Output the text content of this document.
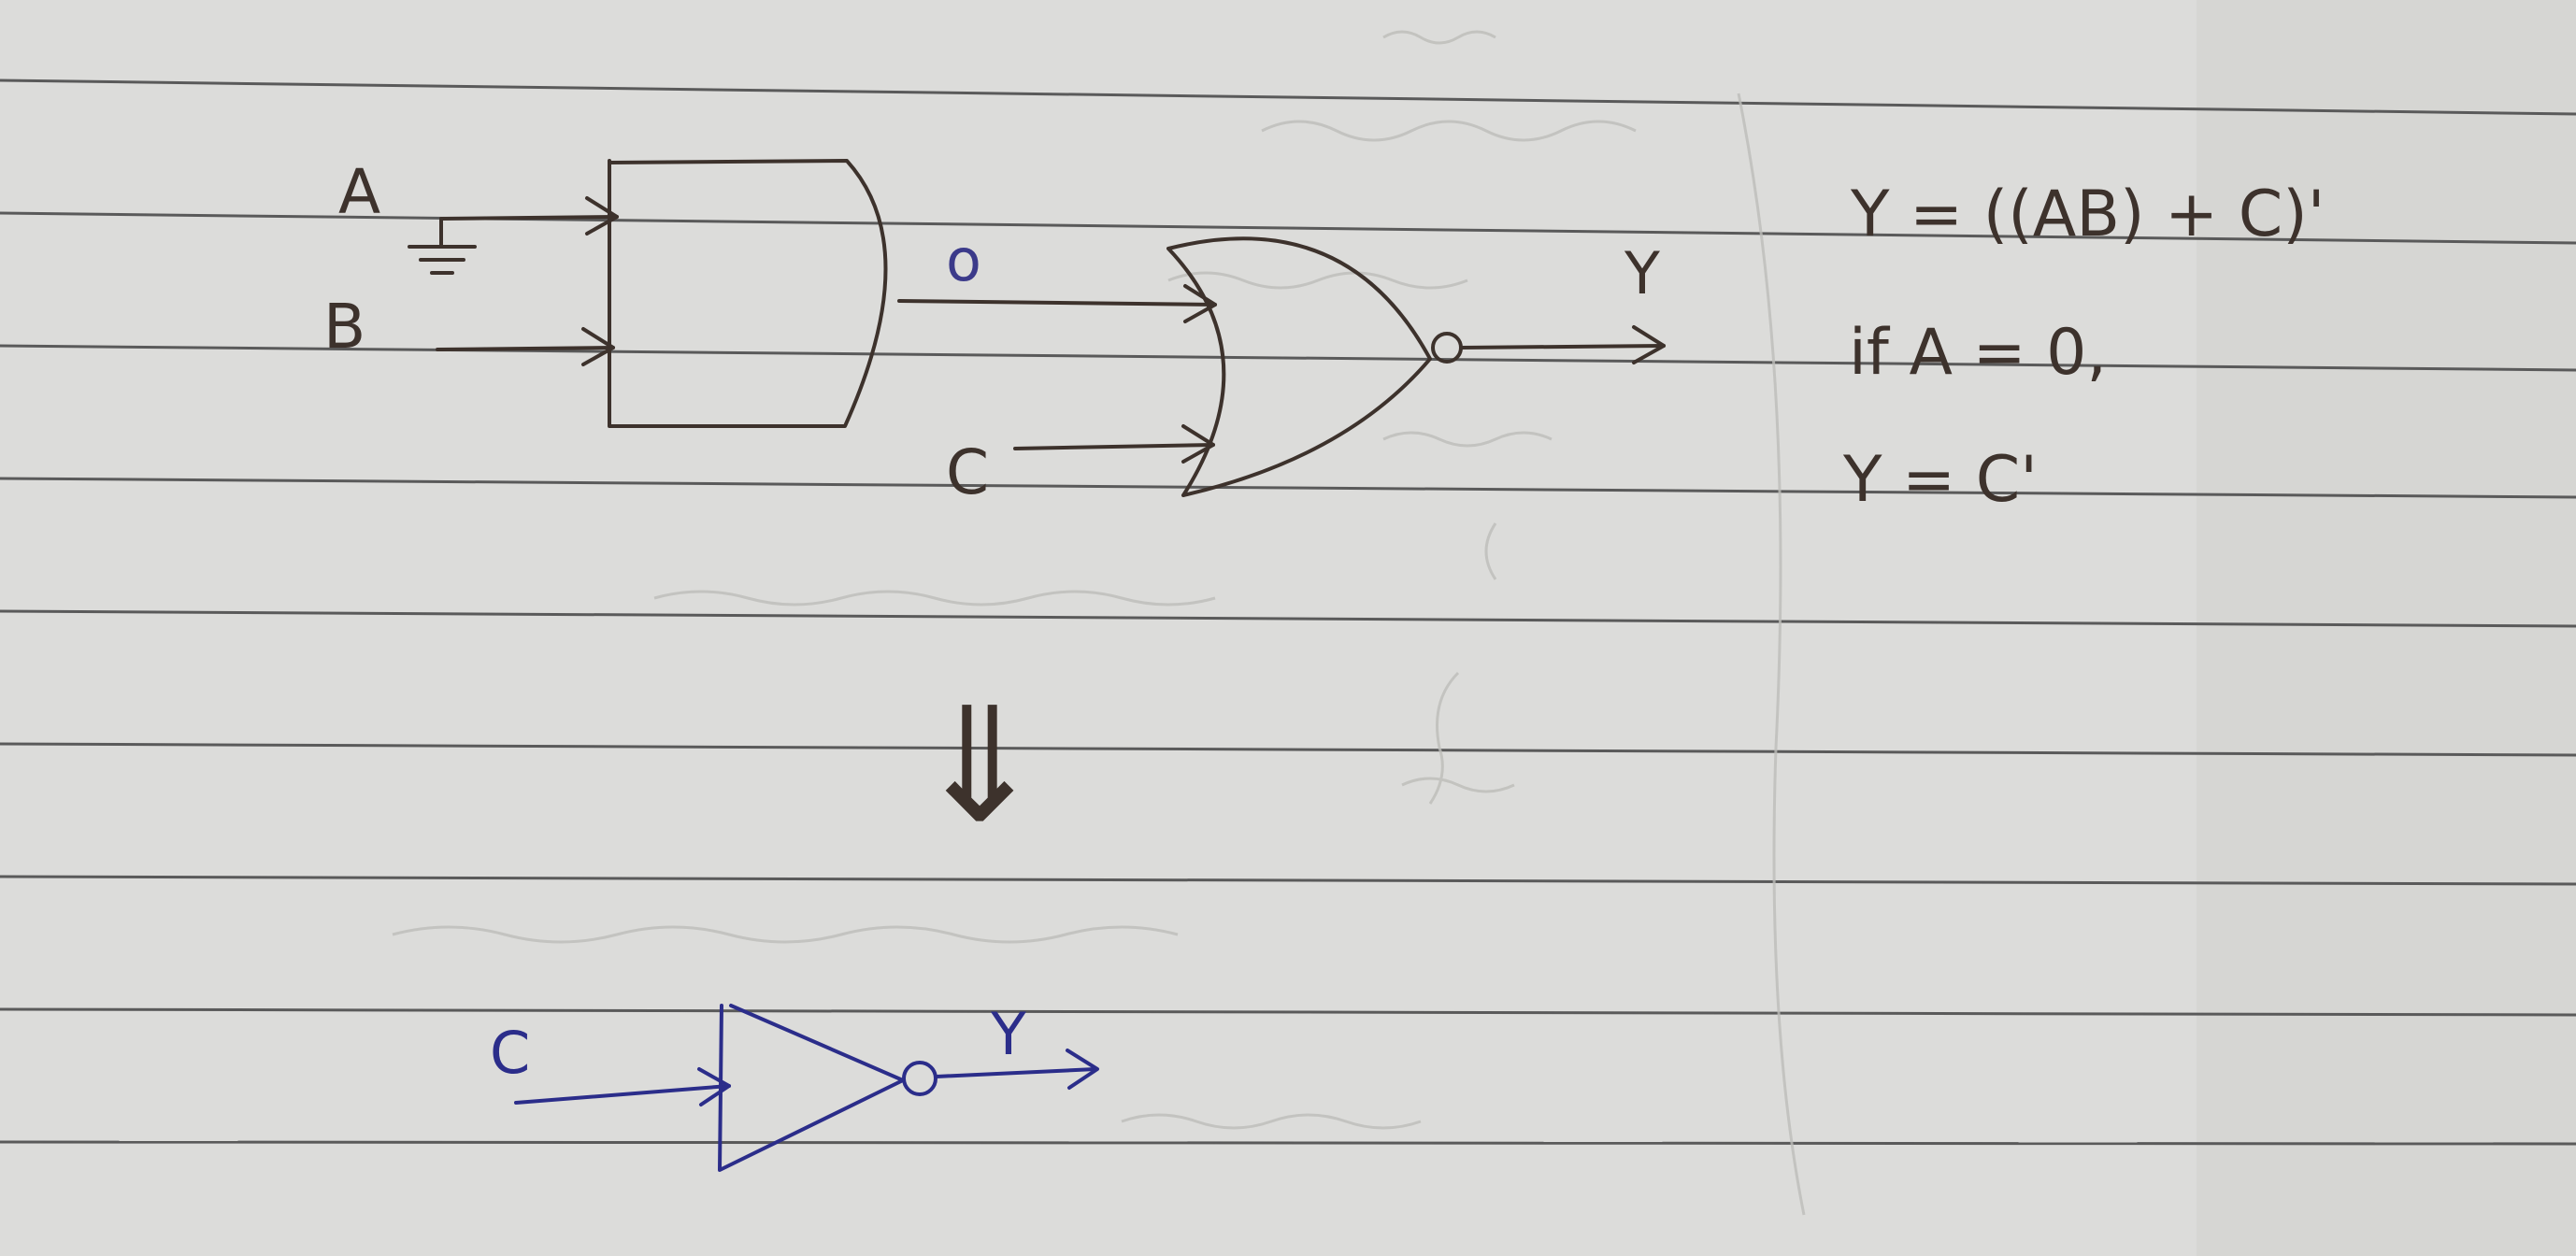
A
B
o
C
Y
Y = ((AB) + C)'
if A = 0,
Y = C'
⇓
C	Y
